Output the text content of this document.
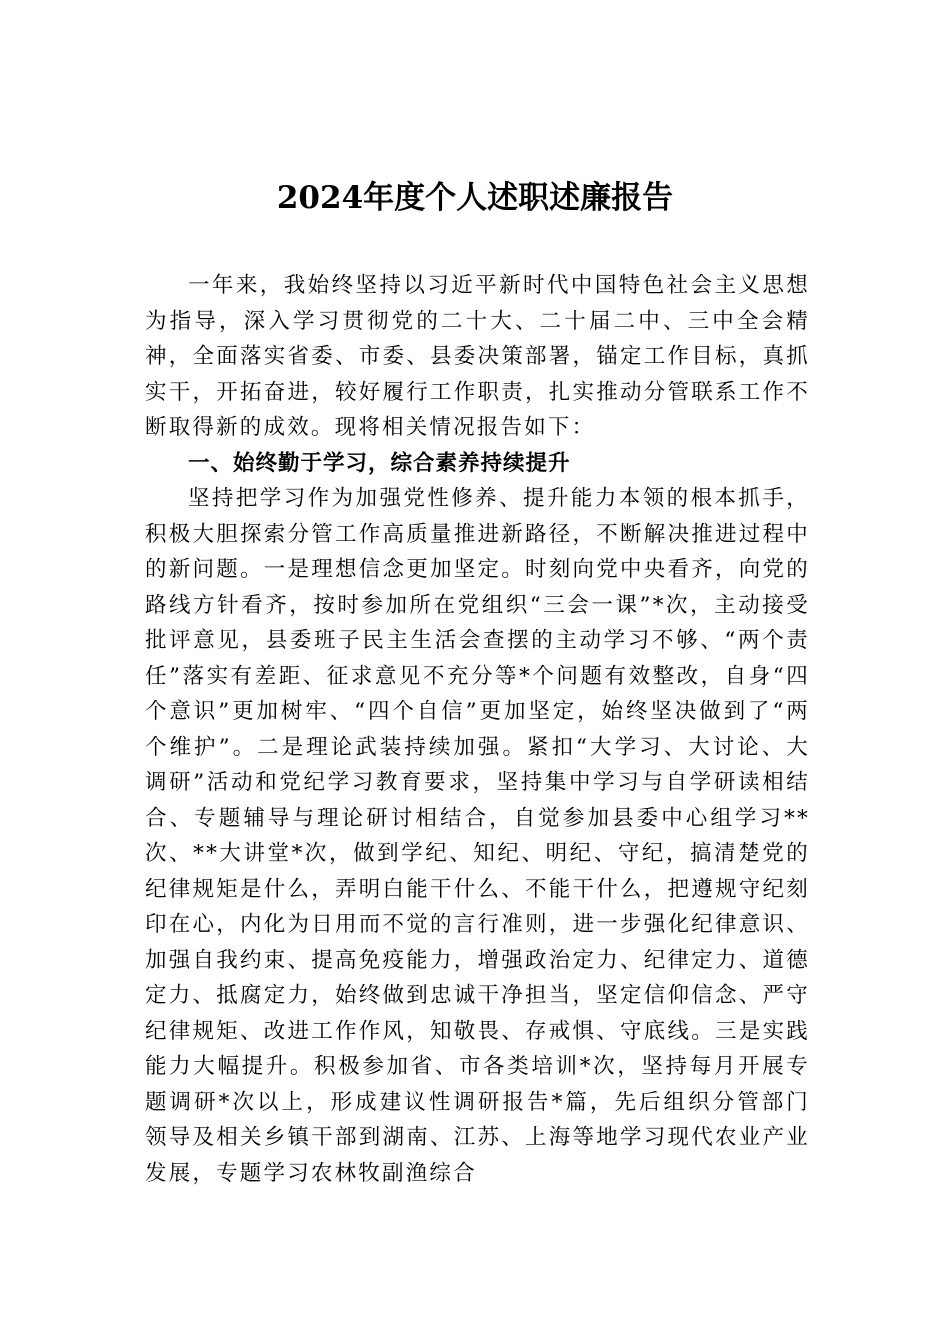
2024年度个人述职述廉报告

一年来，我始终坚持以习近平新时代中国特色社会主义思想为指导，深入学习贯彻党的二十大、二十届二中、三中全会精神，全面落实省委、市委、县委决策部署，锚定工作目标，真抓实干，开拓奋进，较好履行工作职责，扎实推动分管联系工作不断取得新的成效。现将相关情况报告如下：

一、始终勤于学习，综合素养持续提升

坚持把学习作为加强党性修养、提升能力本领的根本抓手，积极大胆探索分管工作高质量推进新路径，不断解决推进过程中的新问题。一是理想信念更加坚定。时刻向党中央看齐，向党的路线方针看齐，按时参加所在党组织“三会一课”*次，主动接受批评意见，县委班子民主生活会查摆的主动学习不够、“两个责任”落实有差距、征求意见不充分等*个问题有效整改，自身“四个意识”更加树牢、“四个自信”更加坚定，始终坚决做到了“两个维护”。二是理论武装持续加强。紧扣“大学习、大讨论、大调研”活动和党纪学习教育要求，坚持集中学习与自学研读相结合、专题辅导与理论研讨相结合，自觉参加县委中心组学习**次、**大讲堂*次，做到学纪、知纪、明纪、守纪，搞清楚党的纪律规矩是什么，弄明白能干什么、不能干什么，把遵规守纪刻印在心，内化为日用而不觉的言行准则，进一步强化纪律意识、加强自我约束、提高免疫能力，增强政治定力、纪律定力、道德定力、抵腐定力，始终做到忠诚干净担当，坚定信仰信念、严守纪律规矩、改进工作作风，知敬畏、存戒惧、守底线。三是实践能力大幅提升。积极参加省、市各类培训*次，坚持每月开展专题调研*次以上，形成建议性调研报告*篇，先后组织分管部门领导及相关乡镇干部到湖南、江苏、上海等地学习现代农业产业发展，专题学习农林牧副渔综合
